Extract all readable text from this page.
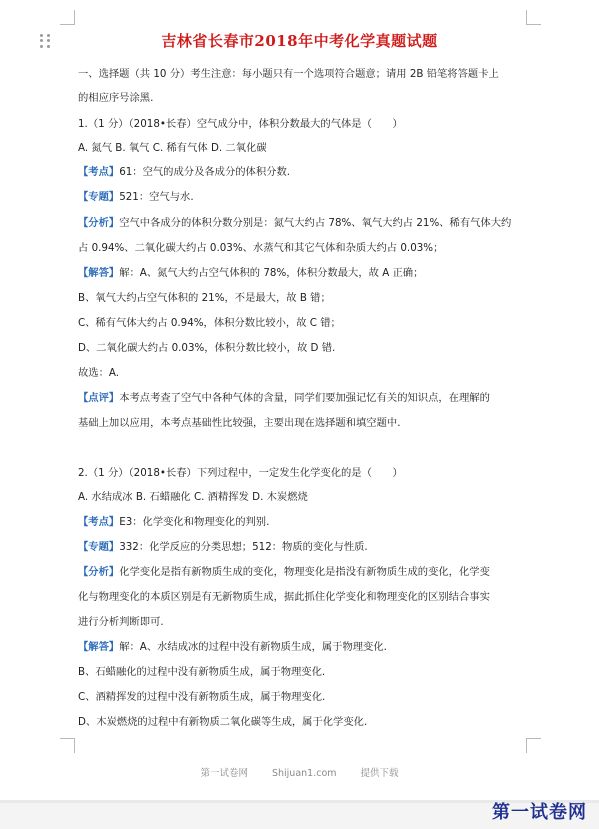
吉林省长春市2018年中考化学真题试题
一、选择题（共 10 分）考生注意：每小题只有一个选项符合题意；请用 2B 铅笔将答题卡上
的相应序号涂黑.
1.（1 分）（2018•长春）空气成分中，体积分数最大的气体是（　　）
A. 氮气 B. 氧气 C. 稀有气体 D. 二氧化碳
【考点】61：空气的成分及各成分的体积分数.
【专题】521：空气与水.
【分析】空气中各成分的体积分数分别是：氮气大约占 78%、氧气大约占 21%、稀有气体大约
占 0.94%、二氧化碳大约占 0.03%、水蒸气和其它气体和杂质大约占 0.03%；
【解答】解：A、氮气大约占空气体积的 78%，体积分数最大，故 A 正确；
B、氧气大约占空气体积的 21%，不是最大，故 B 错；
C、稀有气体大约占 0.94%，体积分数比较小，故 C 错；
D、二氧化碳大约占 0.03%，体积分数比较小，故 D 错.
故选：A.
【点评】本考点考查了空气中各种气体的含量，同学们要加强记忆有关的知识点，在理解的
基础上加以应用，本考点基础性比较强，主要出现在选择题和填空题中.
2.（1 分）（2018•长春）下列过程中，一定发生化学变化的是（　　）
A. 水结成冰 B. 石蜡融化 C. 酒精挥发 D. 木炭燃烧
【考点】E3：化学变化和物理变化的判别.
【专题】332：化学反应的分类思想；512：物质的变化与性质.
【分析】化学变化是指有新物质生成的变化，物理变化是指没有新物质生成的变化，化学变
化与物理变化的本质区别是有无新物质生成，据此抓住化学变化和物理变化的区别结合事实
进行分析判断即可.
【解答】解：A、水结成冰的过程中没有新物质生成，属于物理变化.
B、石蜡融化的过程中没有新物质生成，属于物理变化.
C、酒精挥发的过程中没有新物质生成，属于物理变化.
D、木炭燃烧的过程中有新物质二氧化碳等生成，属于化学变化.
第一试卷网	Shijuan1.com	提供下载
第一试卷网
